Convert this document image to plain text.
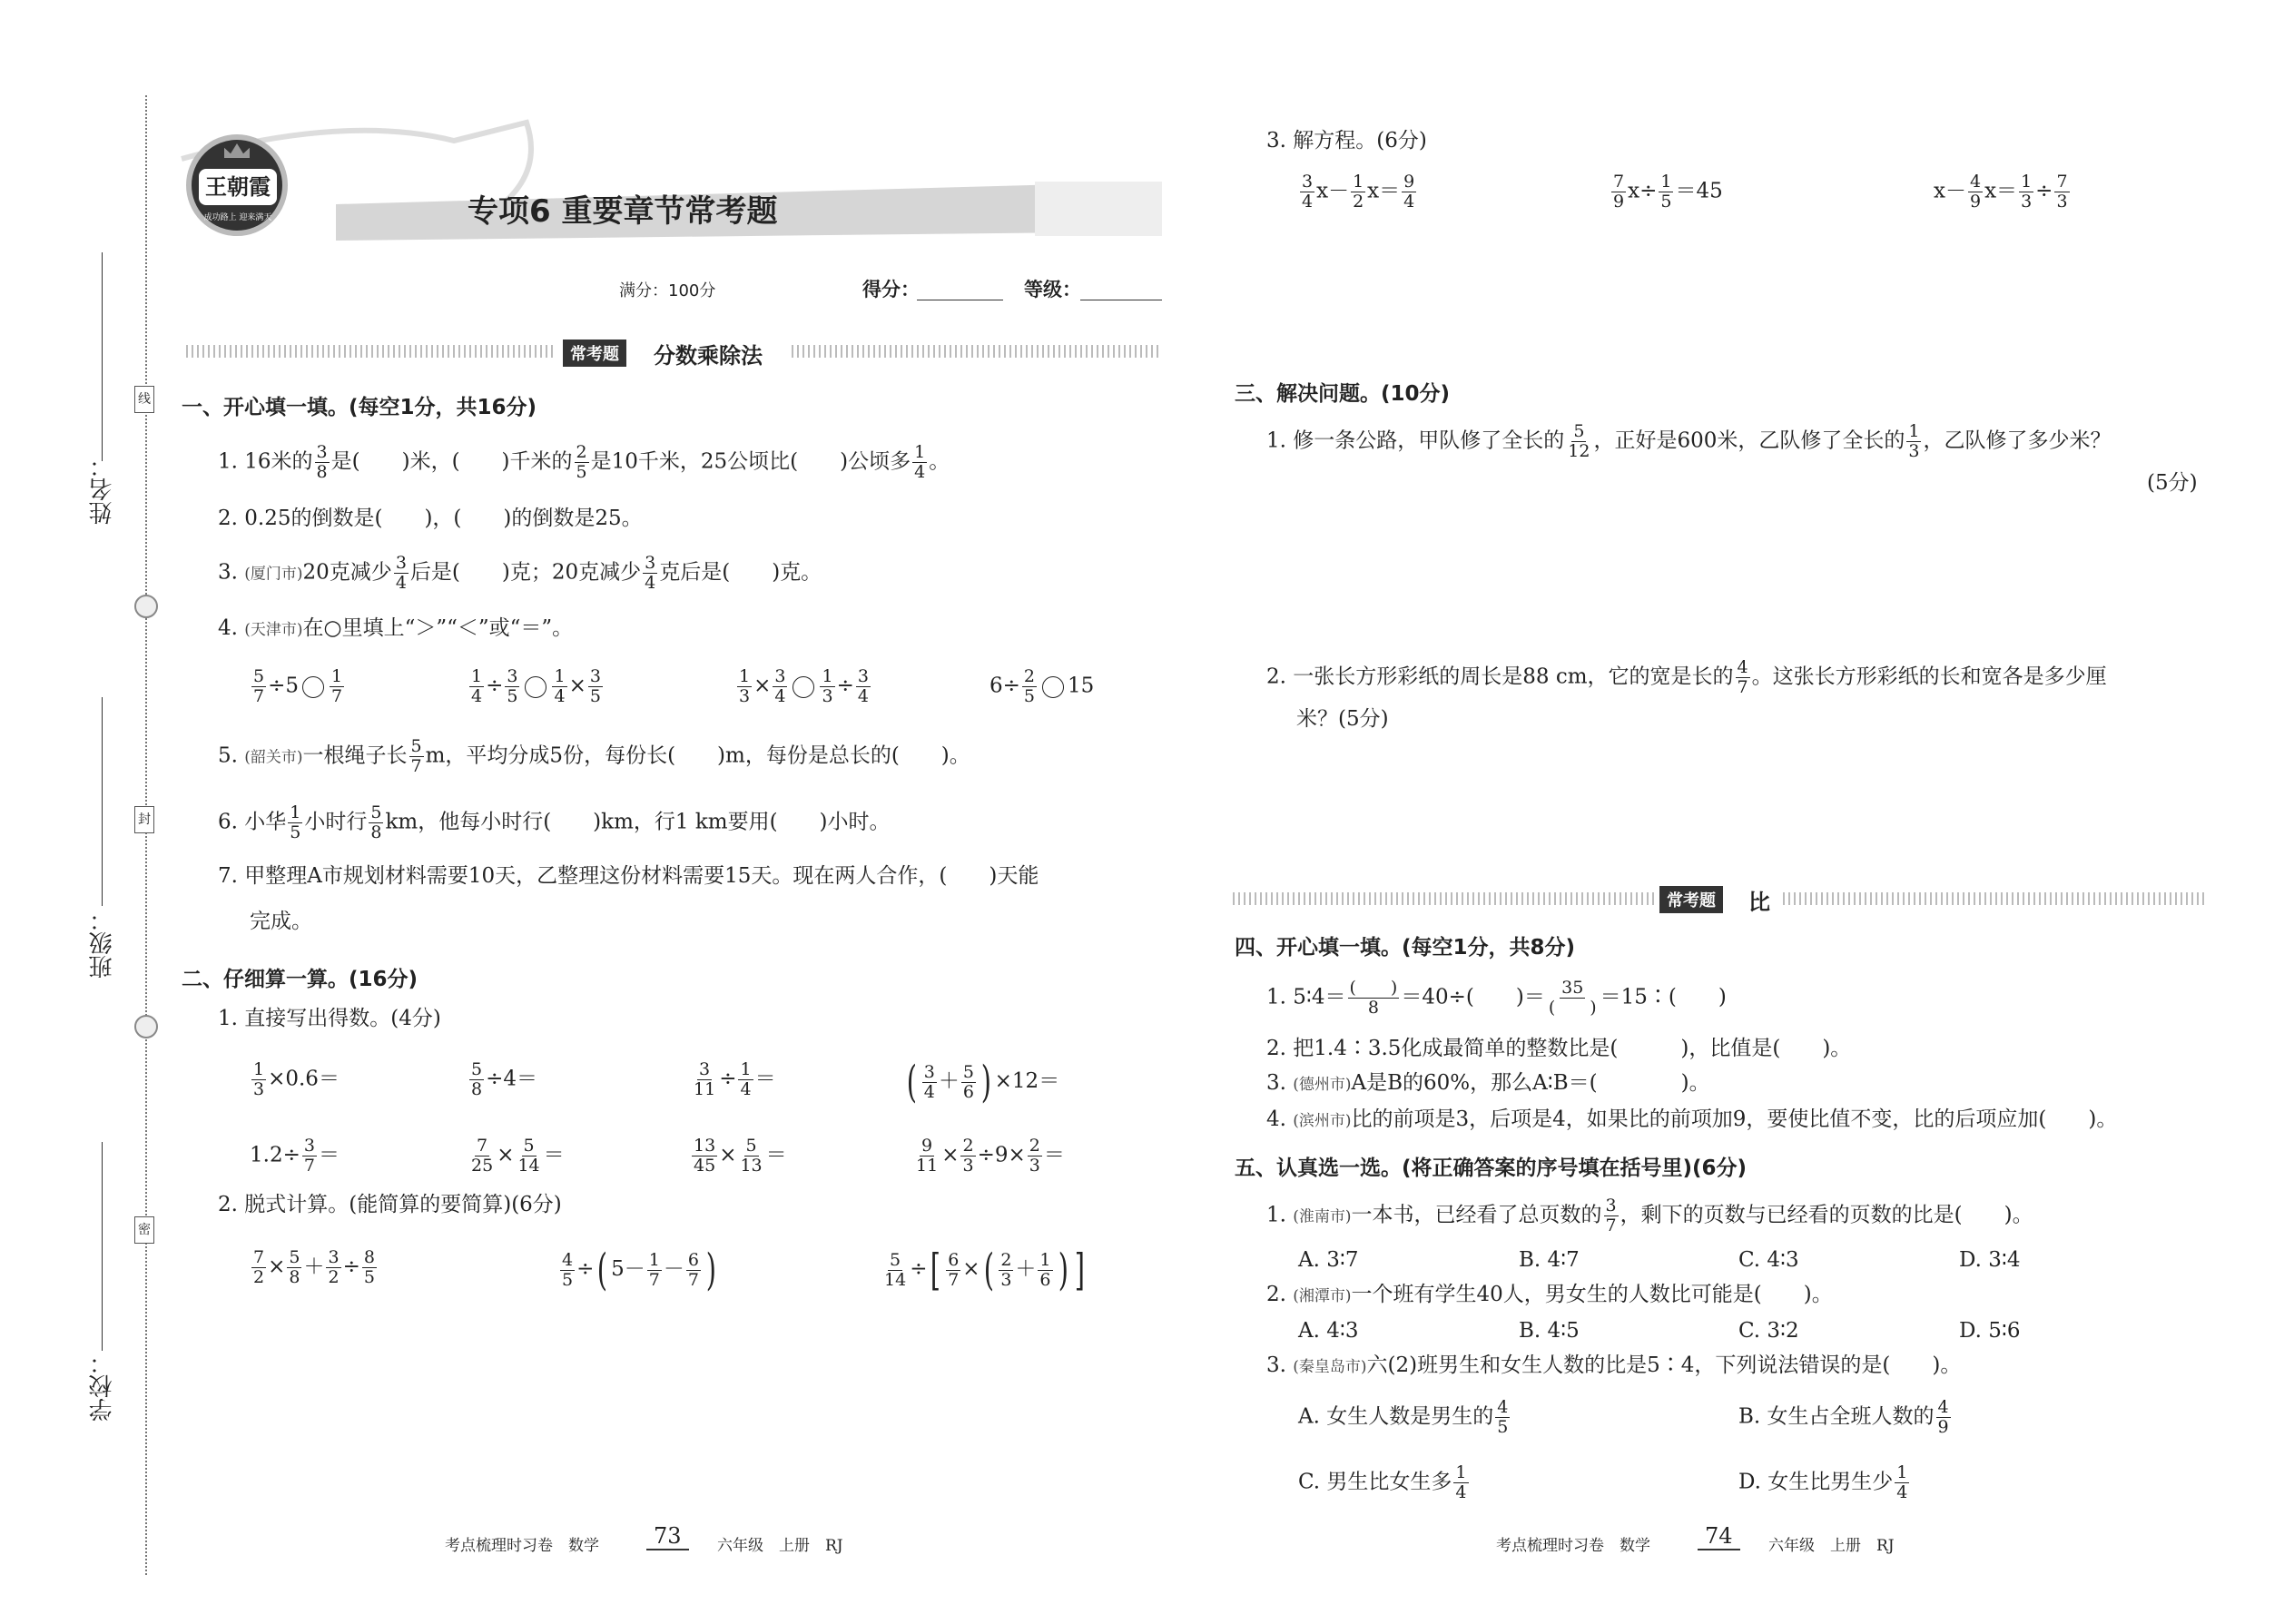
姓名：
班级：
学校：
线
封
密
王朝霞
成功路上 迎来满天	专项6 重要章节常考题
满分：100分	得分：	等级：
常考题	分数乘除法
一、开心填一填。(每空1分，共16分)
1. 16米的 $\frac{3}{8}$ 是(　　)米，(　　)千米的 $\frac{2}{5}$ 是10千米，25公顷比(　　)公顷多 $\frac{1}{4}$ 。
2. 0.25的倒数是(　　)，(　　)的倒数是25。
3. (厦门市)20克减少 $\frac{3}{4}$ 后是(　　)克；20克减少 $\frac{3}{4}$ 克后是(　　)克。
4. (天津市)在○里填上“＞”“＜”或“＝”。
$\frac{5}{7} \div 5 \frac{1}{7}$	$\frac{1}{4} \div \frac{3}{5} \frac{1}{4} \times \frac{3}{5}$	$\frac{1}{3} \times \frac{3}{4} \frac{1}{3} \div \frac{3}{4}$	$6\div \frac{2}{5} 15$
5. (韶关市)一根绳子长 $\frac{5}{7}$ m，平均分成5份，每份长(　　)m，每份是总长的(　　)。
6. 小华 $\frac{1}{5}$ 小时行 $\frac{5}{8}$ km，他每小时行(　　)km，行1 km要用(　　)小时。
7. 甲整理A市规划材料需要10天，乙整理这份材料需要15天。现在两人合作，(　　)天能
完成。
二、仔细算一算。(16分)
1. 直接写出得数。(4分)
$\frac{1}{3} \times 0.6=$	$\frac{5}{8} \div 4=$	$\frac{3}{11} \div \frac{1}{4}$ ＝	( $\frac{3}{4} + \frac{5}{6}$ ) ×12＝
$1.2\div \frac{3}{7}$ ＝	$\frac{7}{25} \times \frac{5}{14}$ ＝	$\frac{13}{45} \times \frac{5}{13}$ ＝	$\frac{9}{11} \times \frac{2}{3} \div 9\times \frac{2}{3}$ ＝
2. 脱式计算。(能简算的要简算)(6分)
$\frac{7}{2} \times \frac{5}{8} + \frac{3}{2} \div \frac{8}{5}$	$\frac{4}{5}$ ÷( $5- \frac{1}{7} - \frac{6}{7}$ )	$\frac{5}{14}$ ÷[ $\frac{6}{7}$ ×( $\frac{2}{3} + \frac{1}{6}$ ) ]
考点梳理时习卷　数学	73	六年级　上册　RJ
3. 解方程。(6分)
$\frac{3}{4} x- \frac{1}{2} x= \frac{9}{4}$	$\frac{7}{9} x\div \frac{1}{5} =45$	$x- \frac{4}{9} x= \frac{1}{3} \div \frac{7}{3}$
三、解决问题。(10分)
1. 修一条公路，甲队修了全长的 $\frac{5}{12}$ ，正好是600米，乙队修了全长的 $\frac{1}{3}$ ，乙队修了多少米？
(5分)
2. 一张长方形彩纸的周长是88 cm，它的宽是长的 $\frac{4}{7}$ 。这张长方形彩纸的长和宽各是多少厘
米？(5分)
常考题	比
四、开心填一填。(每空1分，共8分)
1. 5∶4＝ (　　)
8 ＝40÷(　　)＝ 35
(　　) ＝15∶(　　)
2. 把1.4∶3.5化成最简单的整数比是(　　　)，比值是(　　)。
3. (德州市)A是B的60%，那么A∶B＝(　　　　)。
4. (滨州市)比的前项是3，后项是4，如果比的前项加9，要使比值不变，比的后项应加(　　)。
五、认真选一选。(将正确答案的序号填在括号里)(6分)
1. (淮南市)一本书，已经看了总页数的 $\frac{3}{7}$ ，剩下的页数与已经看的页数的比是(　　)。
A. 3∶7	B. 4∶7	C. 4∶3	D. 3∶4
2. (湘潭市)一个班有学生40人，男女生的人数比可能是(　　)。
A. 4∶3	B. 4∶5	C. 3∶2	D. 5∶6
3. (秦皇岛市)六(2)班男生和女生人数的比是5∶4，下列说法错误的是(　　)。
A. 女生人数是男生的 $\frac{4}{5}$	B. 女生占全班人数的 $\frac{4}{9}$
C. 男生比女生多 $\frac{1}{4}$	D. 女生比男生少 $\frac{1}{4}$
考点梳理时习卷　数学	74	六年级　上册　RJ
